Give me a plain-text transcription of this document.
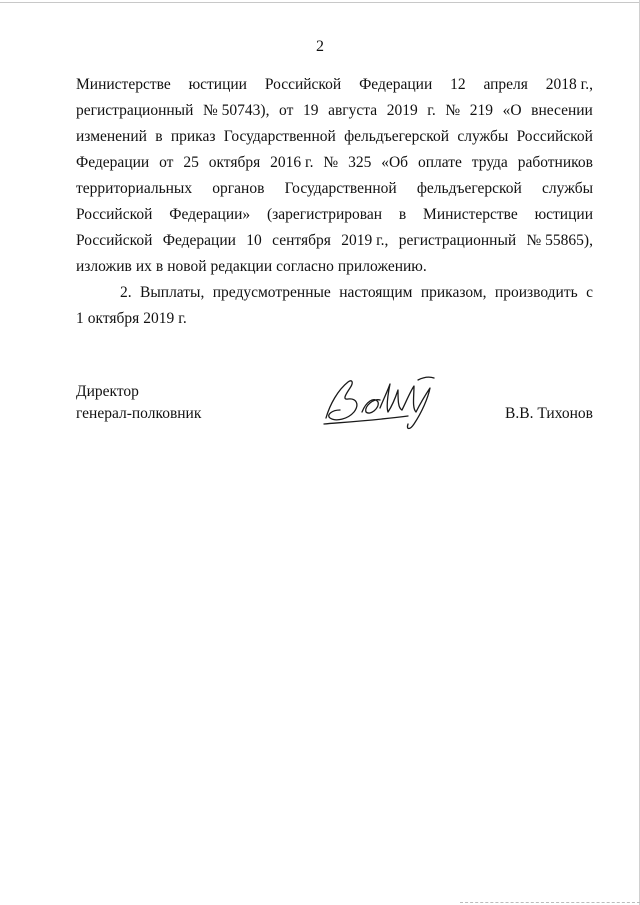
2
Министерстве юстиции Российской Федерации 12 апреля 2018 г.,
регистрационный № 50743), от 19 августа 2019 г. № 219 «О внесении
изменений в приказ Государственной фельдъегерской службы Российской
Федерации от 25 октября 2016 г. № 325 «Об оплате труда работников
территориальных органов Государственной фельдъегерской службы
Российской Федерации» (зарегистрирован в Министерстве юстиции
Российской Федерации 10 сентября 2019 г., регистрационный № 55865),
изложив их в новой редакции согласно приложению.
2. Выплаты, предусмотренные настоящим приказом, производить с
1 октября 2019 г.
Директор
генерал-полковник	В.В. Тихонов
